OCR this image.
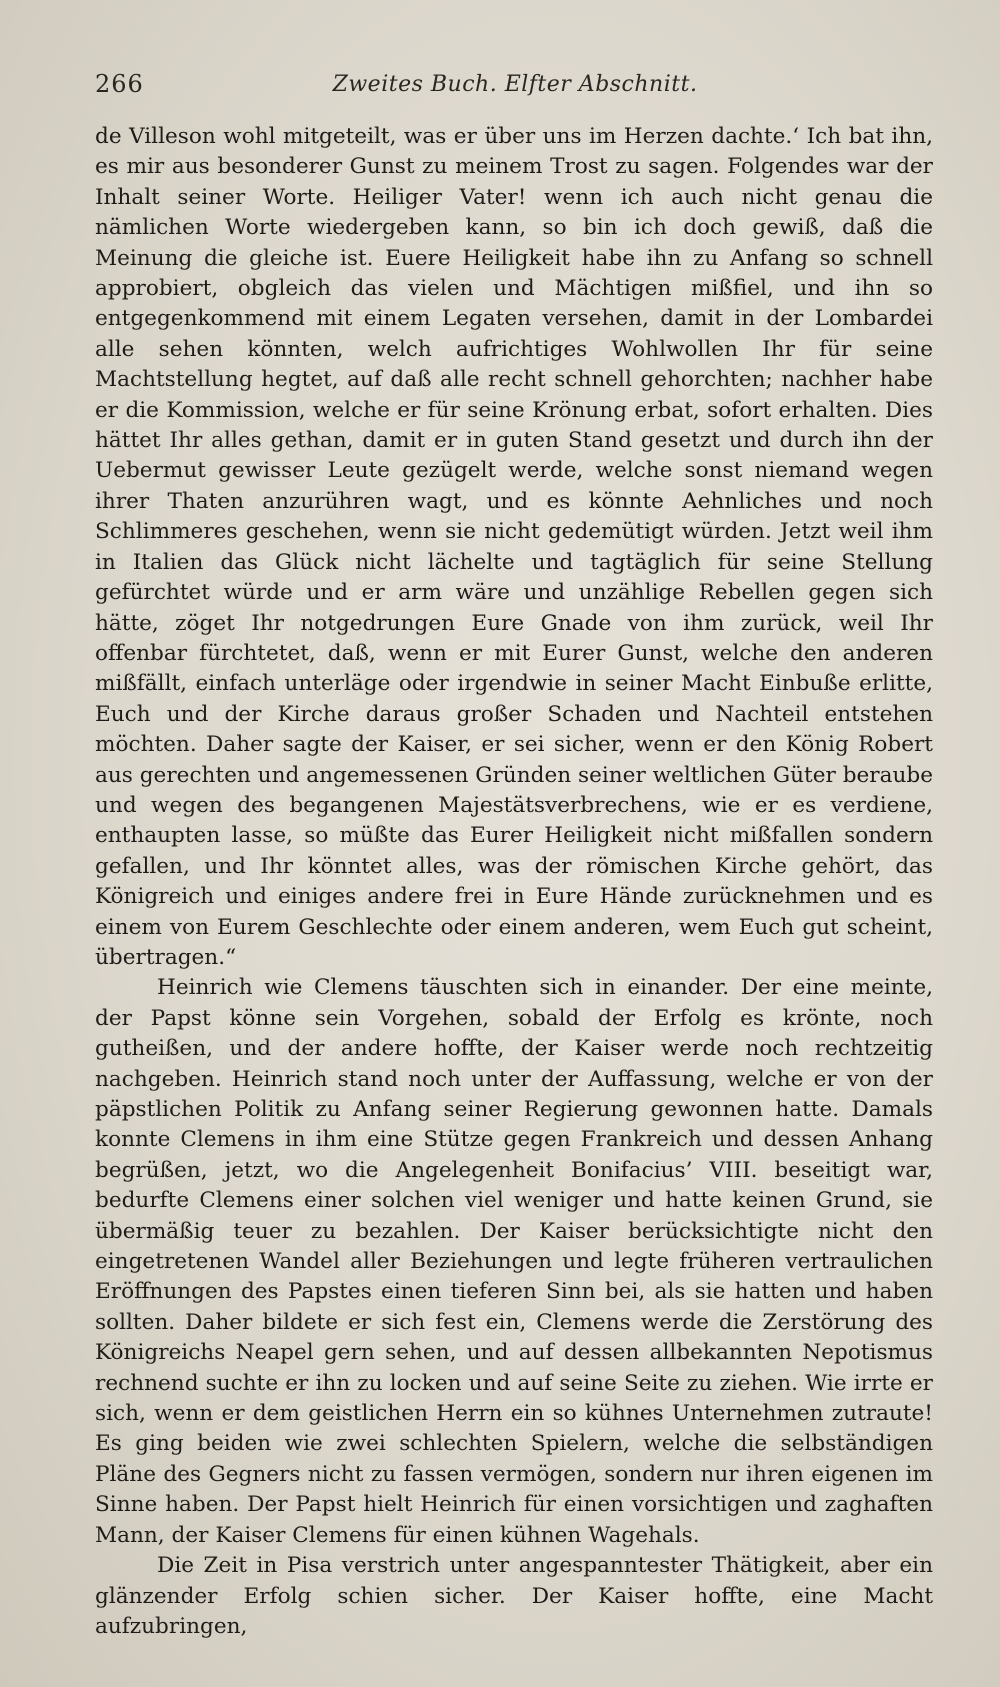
266	Zweites Buch. Elfter Abschnitt.

de Villeson wohl mitgeteilt, was er über uns im Herzen dachte.‘ Ich bat ihn, es mir aus besonderer Gunst zu meinem Trost zu sagen. Folgendes war der Inhalt seiner Worte. Heiliger Vater! wenn ich auch nicht genau die nämlichen Worte wiedergeben kann, so bin ich doch gewiß, daß die Meinung die gleiche ist. Euere Heiligkeit habe ihn zu Anfang so schnell approbiert, obgleich das vielen und Mächtigen mißfiel, und ihn so entgegenkommend mit einem Legaten versehen, damit in der Lombardei alle sehen könnten, welch aufrichtiges Wohlwollen Ihr für seine Machtstellung hegtet, auf daß alle recht schnell gehorchten; nachher habe er die Kommission, welche er für seine Krönung erbat, sofort erhalten. Dies hättet Ihr alles gethan, damit er in guten Stand gesetzt und durch ihn der Uebermut gewisser Leute gezügelt werde, welche sonst niemand wegen ihrer Thaten anzurühren wagt, und es könnte Aehnliches und noch Schlimmeres geschehen, wenn sie nicht gedemütigt würden. Jetzt weil ihm in Italien das Glück nicht lächelte und tagtäglich für seine Stellung gefürchtet würde und er arm wäre und unzählige Rebellen gegen sich hätte, zöget Ihr notgedrungen Eure Gnade von ihm zurück, weil Ihr offenbar fürchtetet, daß, wenn er mit Eurer Gunst, welche den anderen mißfällt, einfach unterläge oder irgendwie in seiner Macht Einbuße erlitte, Euch und der Kirche daraus großer Schaden und Nachteil entstehen möchten. Daher sagte der Kaiser, er sei sicher, wenn er den König Robert aus gerechten und angemessenen Gründen seiner weltlichen Güter beraube und wegen des begangenen Majestätsverbrechens, wie er es verdiene, enthaupten lasse, so müßte das Eurer Heiligkeit nicht mißfallen sondern gefallen, und Ihr könntet alles, was der römischen Kirche gehört, das Königreich und einiges andere frei in Eure Hände zurücknehmen und es einem von Eurem Geschlechte oder einem anderen, wem Euch gut scheint, übertragen.“

Heinrich wie Clemens täuschten sich in einander. Der eine meinte, der Papst könne sein Vorgehen, sobald der Erfolg es krönte, noch gutheißen, und der andere hoffte, der Kaiser werde noch rechtzeitig nachgeben. Heinrich stand noch unter der Auffassung, welche er von der päpstlichen Politik zu Anfang seiner Regierung gewonnen hatte. Damals konnte Clemens in ihm eine Stütze gegen Frankreich und dessen Anhang begrüßen, jetzt, wo die Angelegenheit Bonifacius’ VIII. beseitigt war, bedurfte Clemens einer solchen viel weniger und hatte keinen Grund, sie übermäßig teuer zu bezahlen. Der Kaiser berücksichtigte nicht den eingetretenen Wandel aller Beziehungen und legte früheren vertraulichen Eröffnungen des Papstes einen tieferen Sinn bei, als sie hatten und haben sollten. Daher bildete er sich fest ein, Clemens werde die Zerstörung des Königreichs Neapel gern sehen, und auf dessen allbekannten Nepotismus rechnend suchte er ihn zu locken und auf seine Seite zu ziehen. Wie irrte er sich, wenn er dem geistlichen Herrn ein so kühnes Unternehmen zutraute! Es ging beiden wie zwei schlechten Spielern, welche die selbständigen Pläne des Gegners nicht zu fassen vermögen, sondern nur ihren eigenen im Sinne haben. Der Papst hielt Heinrich für einen vorsichtigen und zaghaften Mann, der Kaiser Clemens für einen kühnen Wagehals.

Die Zeit in Pisa verstrich unter angespanntester Thätigkeit, aber ein glänzender Erfolg schien sicher. Der Kaiser hoffte, eine Macht aufzubringen,
